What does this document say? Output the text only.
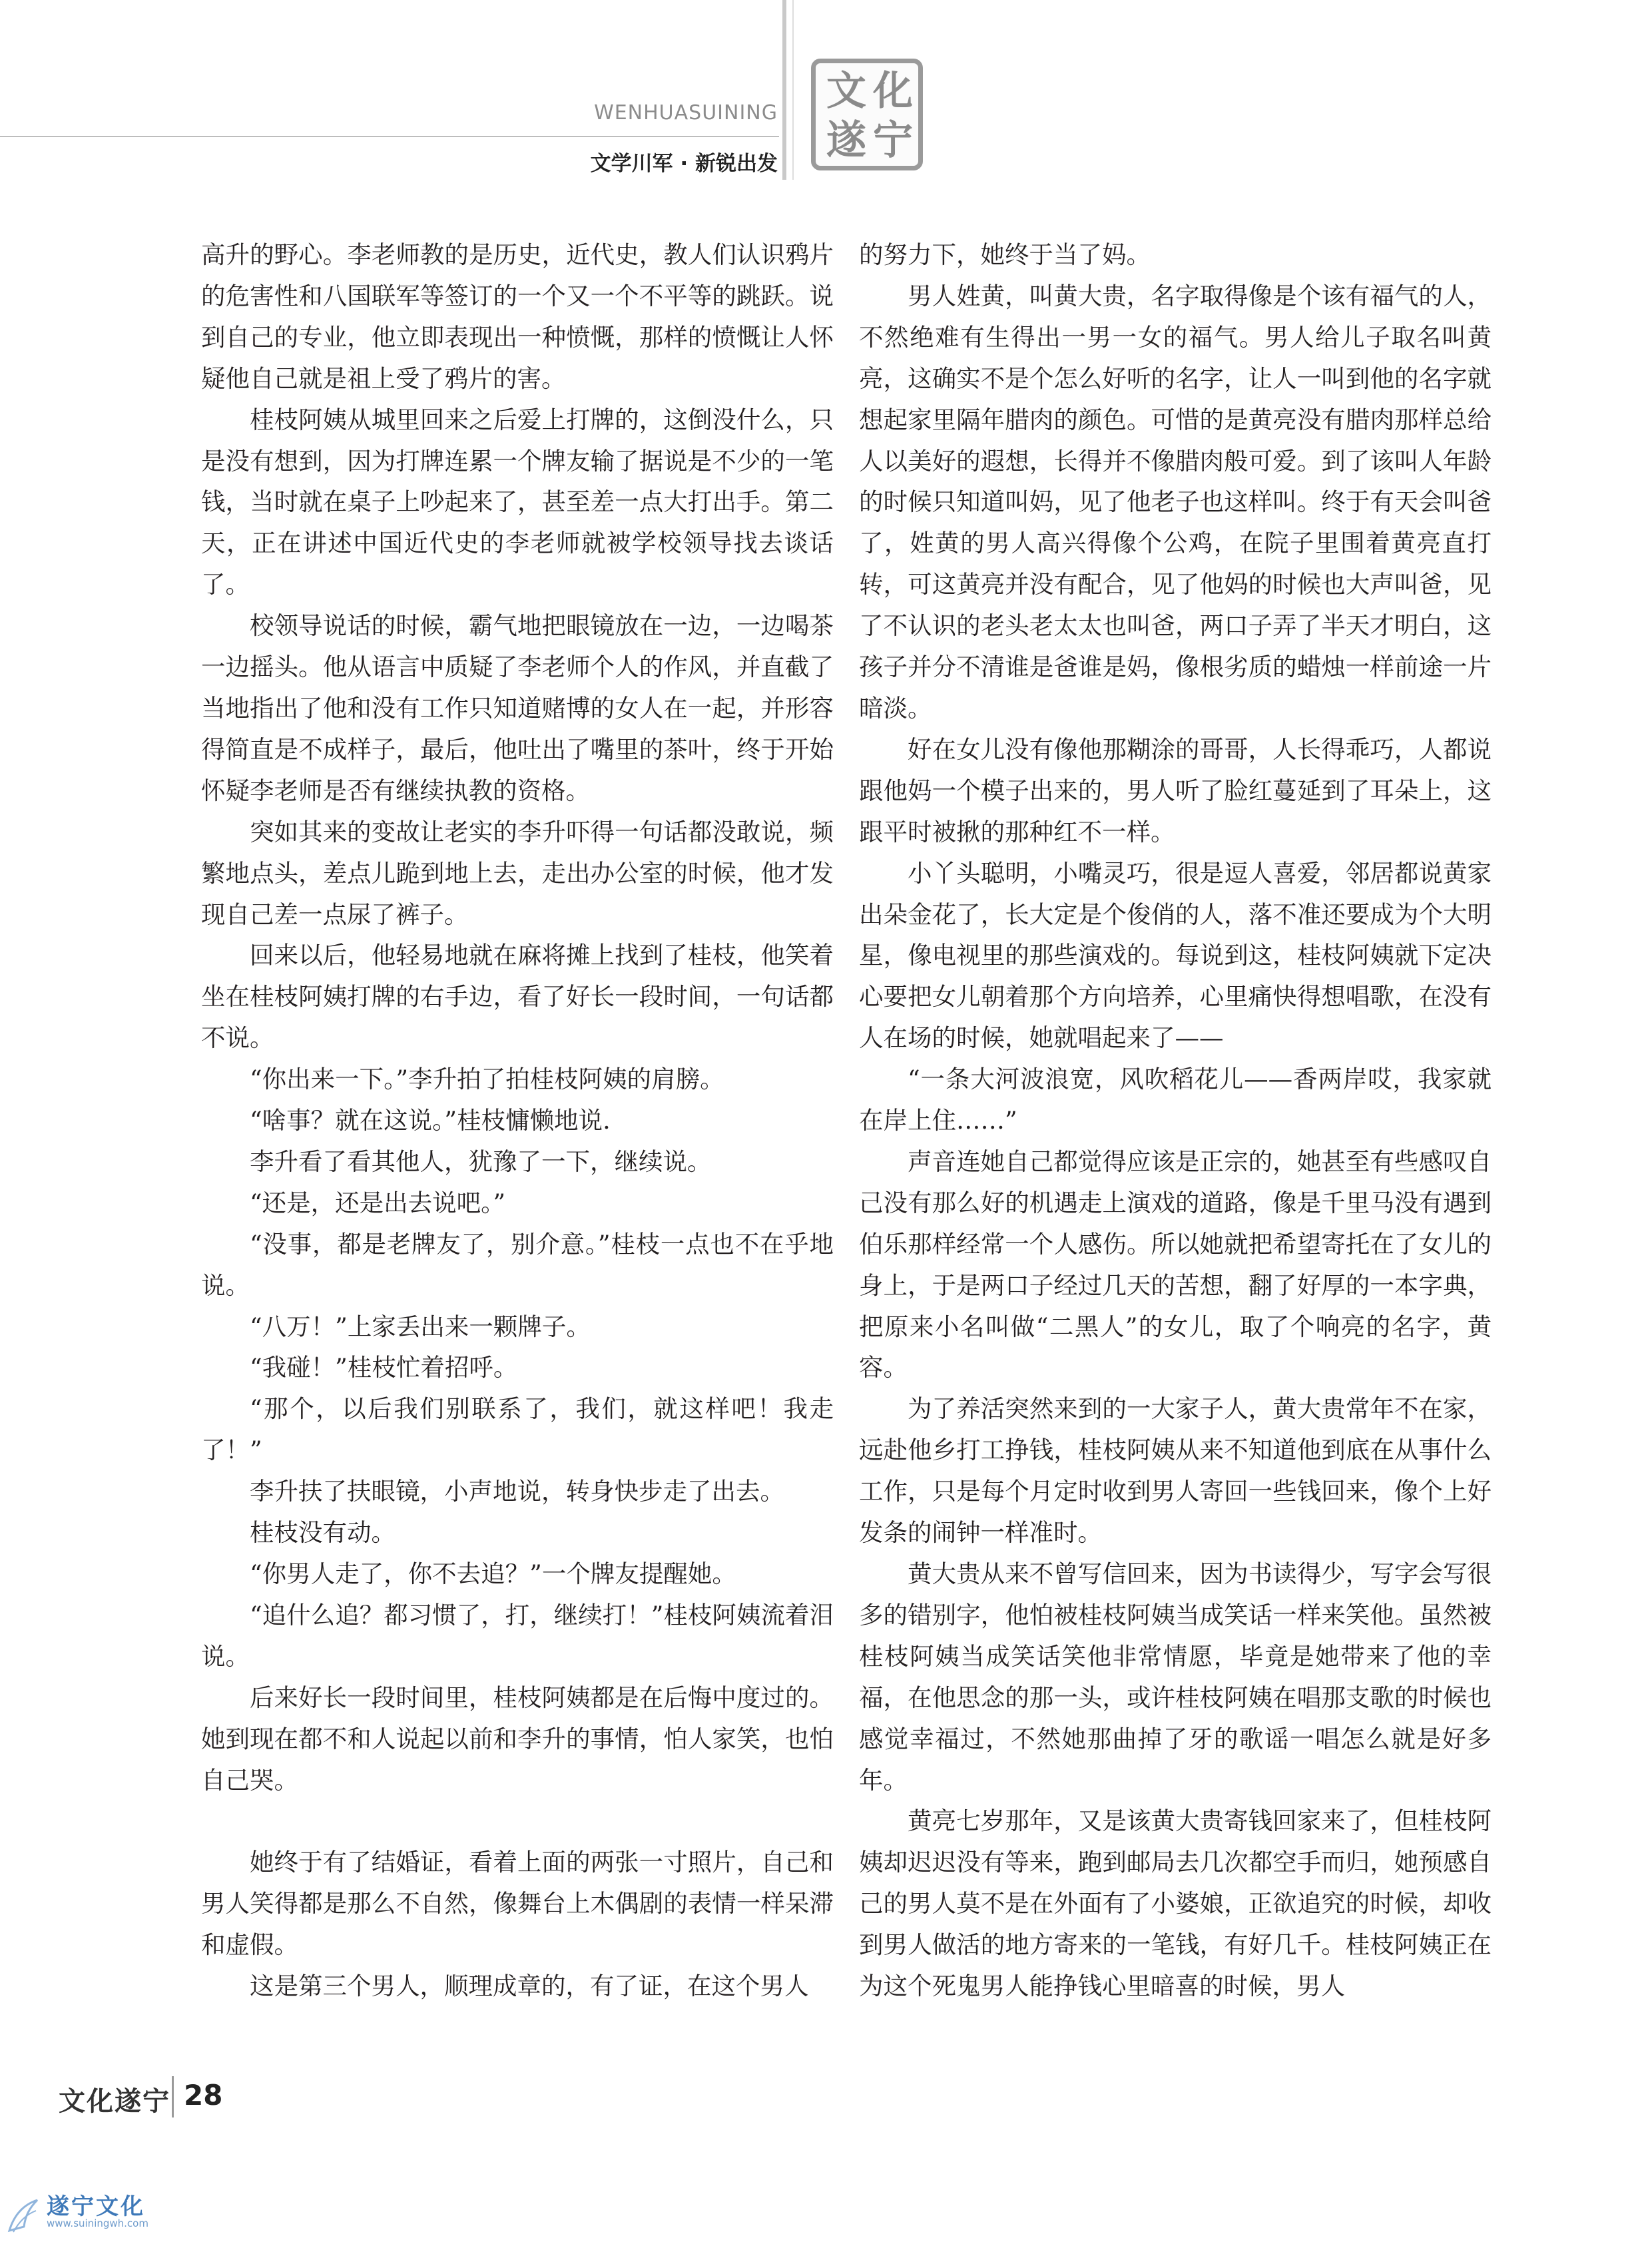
WENHUASUINING
文学川军 · 新锐出发
文 化
遂 宁

高升的野心。李老师教的是历史，近代史，教人们认识鸦片的危害性和八国联军等签订的一个又一个不平等的跳跃。说到自己的专业，他立即表现出一种愤慨，那样的愤慨让人怀疑他自己就是祖上受了鸦片的害。

桂枝阿姨从城里回来之后爱上打牌的，这倒没什么，只是没有想到，因为打牌连累一个牌友输了据说是不少的一笔钱，当时就在桌子上吵起来了，甚至差一点大打出手。第二天，正在讲述中国近代史的李老师就被学校领导找去谈话了。

校领导说话的时候，霸气地把眼镜放在一边，一边喝茶一边摇头。他从语言中质疑了李老师个人的作风，并直截了当地指出了他和没有工作只知道赌博的女人在一起，并形容得简直是不成样子，最后，他吐出了嘴里的茶叶，终于开始怀疑李老师是否有继续执教的资格。

突如其来的变故让老实的李升吓得一句话都没敢说，频繁地点头，差点儿跪到地上去，走出办公室的时候，他才发现自己差一点尿了裤子。

回来以后，他轻易地就在麻将摊上找到了桂枝，他笑着坐在桂枝阿姨打牌的右手边，看了好长一段时间，一句话都不说。

“你出来一下。”李升拍了拍桂枝阿姨的肩膀。

“啥事？就在这说。”桂枝慵懒地说.

李升看了看其他人，犹豫了一下，继续说。

“还是，还是出去说吧。”

“没事，都是老牌友了，别介意。”桂枝一点也不在乎地说。

“八万！”上家丢出来一颗牌子。

“我碰！”桂枝忙着招呼。

“那个，以后我们别联系了，我们，就这样吧！我走了！”

李升扶了扶眼镜，小声地说，转身快步走了出去。

桂枝没有动。

“你男人走了，你不去追？”一个牌友提醒她。

“追什么追？都习惯了，打，继续打！”桂枝阿姨流着泪说。

后来好长一段时间里，桂枝阿姨都是在后悔中度过的。她到现在都不和人说起以前和李升的事情，怕人家笑，也怕自己哭。

她终于有了结婚证，看着上面的两张一寸照片，自己和男人笑得都是那么不自然，像舞台上木偶剧的表情一样呆滞和虚假。

这是第三个男人，顺理成章的，有了证，在这个男人

的努力下，她终于当了妈。

男人姓黄，叫黄大贵，名字取得像是个该有福气的人，不然绝难有生得出一男一女的福气。男人给儿子取名叫黄亮，这确实不是个怎么好听的名字，让人一叫到他的名字就想起家里隔年腊肉的颜色。可惜的是黄亮没有腊肉那样总给人以美好的遐想，长得并不像腊肉般可爱。到了该叫人年龄的时候只知道叫妈，见了他老子也这样叫。终于有天会叫爸了，姓黄的男人高兴得像个公鸡，在院子里围着黄亮直打转，可这黄亮并没有配合，见了他妈的时候也大声叫爸，见了不认识的老头老太太也叫爸，两口子弄了半天才明白，这孩子并分不清谁是爸谁是妈，像根劣质的蜡烛一样前途一片暗淡。

好在女儿没有像他那糊涂的哥哥，人长得乖巧，人都说跟他妈一个模子出来的，男人听了脸红蔓延到了耳朵上，这跟平时被揪的那种红不一样。

小丫头聪明，小嘴灵巧，很是逗人喜爱，邻居都说黄家出朵金花了，长大定是个俊俏的人，落不准还要成为个大明星，像电视里的那些演戏的。每说到这，桂枝阿姨就下定决心要把女儿朝着那个方向培养，心里痛快得想唱歌，在没有人在场的时候，她就唱起来了——

“一条大河波浪宽，风吹稻花儿——香两岸哎，我家就在岸上住……”

声音连她自己都觉得应该是正宗的，她甚至有些感叹自己没有那么好的机遇走上演戏的道路，像是千里马没有遇到伯乐那样经常一个人感伤。所以她就把希望寄托在了女儿的身上，于是两口子经过几天的苦想，翻了好厚的一本字典，把原来小名叫做“二黑人”的女儿，取了个响亮的名字，黄容。

为了养活突然来到的一大家子人，黄大贵常年不在家，远赴他乡打工挣钱，桂枝阿姨从来不知道他到底在从事什么工作，只是每个月定时收到男人寄回一些钱回来，像个上好发条的闹钟一样准时。

黄大贵从来不曾写信回来，因为书读得少，写字会写很多的错别字，他怕被桂枝阿姨当成笑话一样来笑他。虽然被桂枝阿姨当成笑话笑他非常情愿，毕竟是她带来了他的幸福，在他思念的那一头，或许桂枝阿姨在唱那支歌的时候也感觉幸福过，不然她那曲掉了牙的歌谣一唱怎么就是好多年。

黄亮七岁那年，又是该黄大贵寄钱回家来了，但桂枝阿姨却迟迟没有等来，跑到邮局去几次都空手而归，她预感自己的男人莫不是在外面有了小婆娘，正欲追究的时候，却收到男人做活的地方寄来的一笔钱，有好几千。桂枝阿姨正在为这个死鬼男人能挣钱心里暗喜的时候，男人

文化遂宁 28
遂宁文化
www.suiningwh.com
